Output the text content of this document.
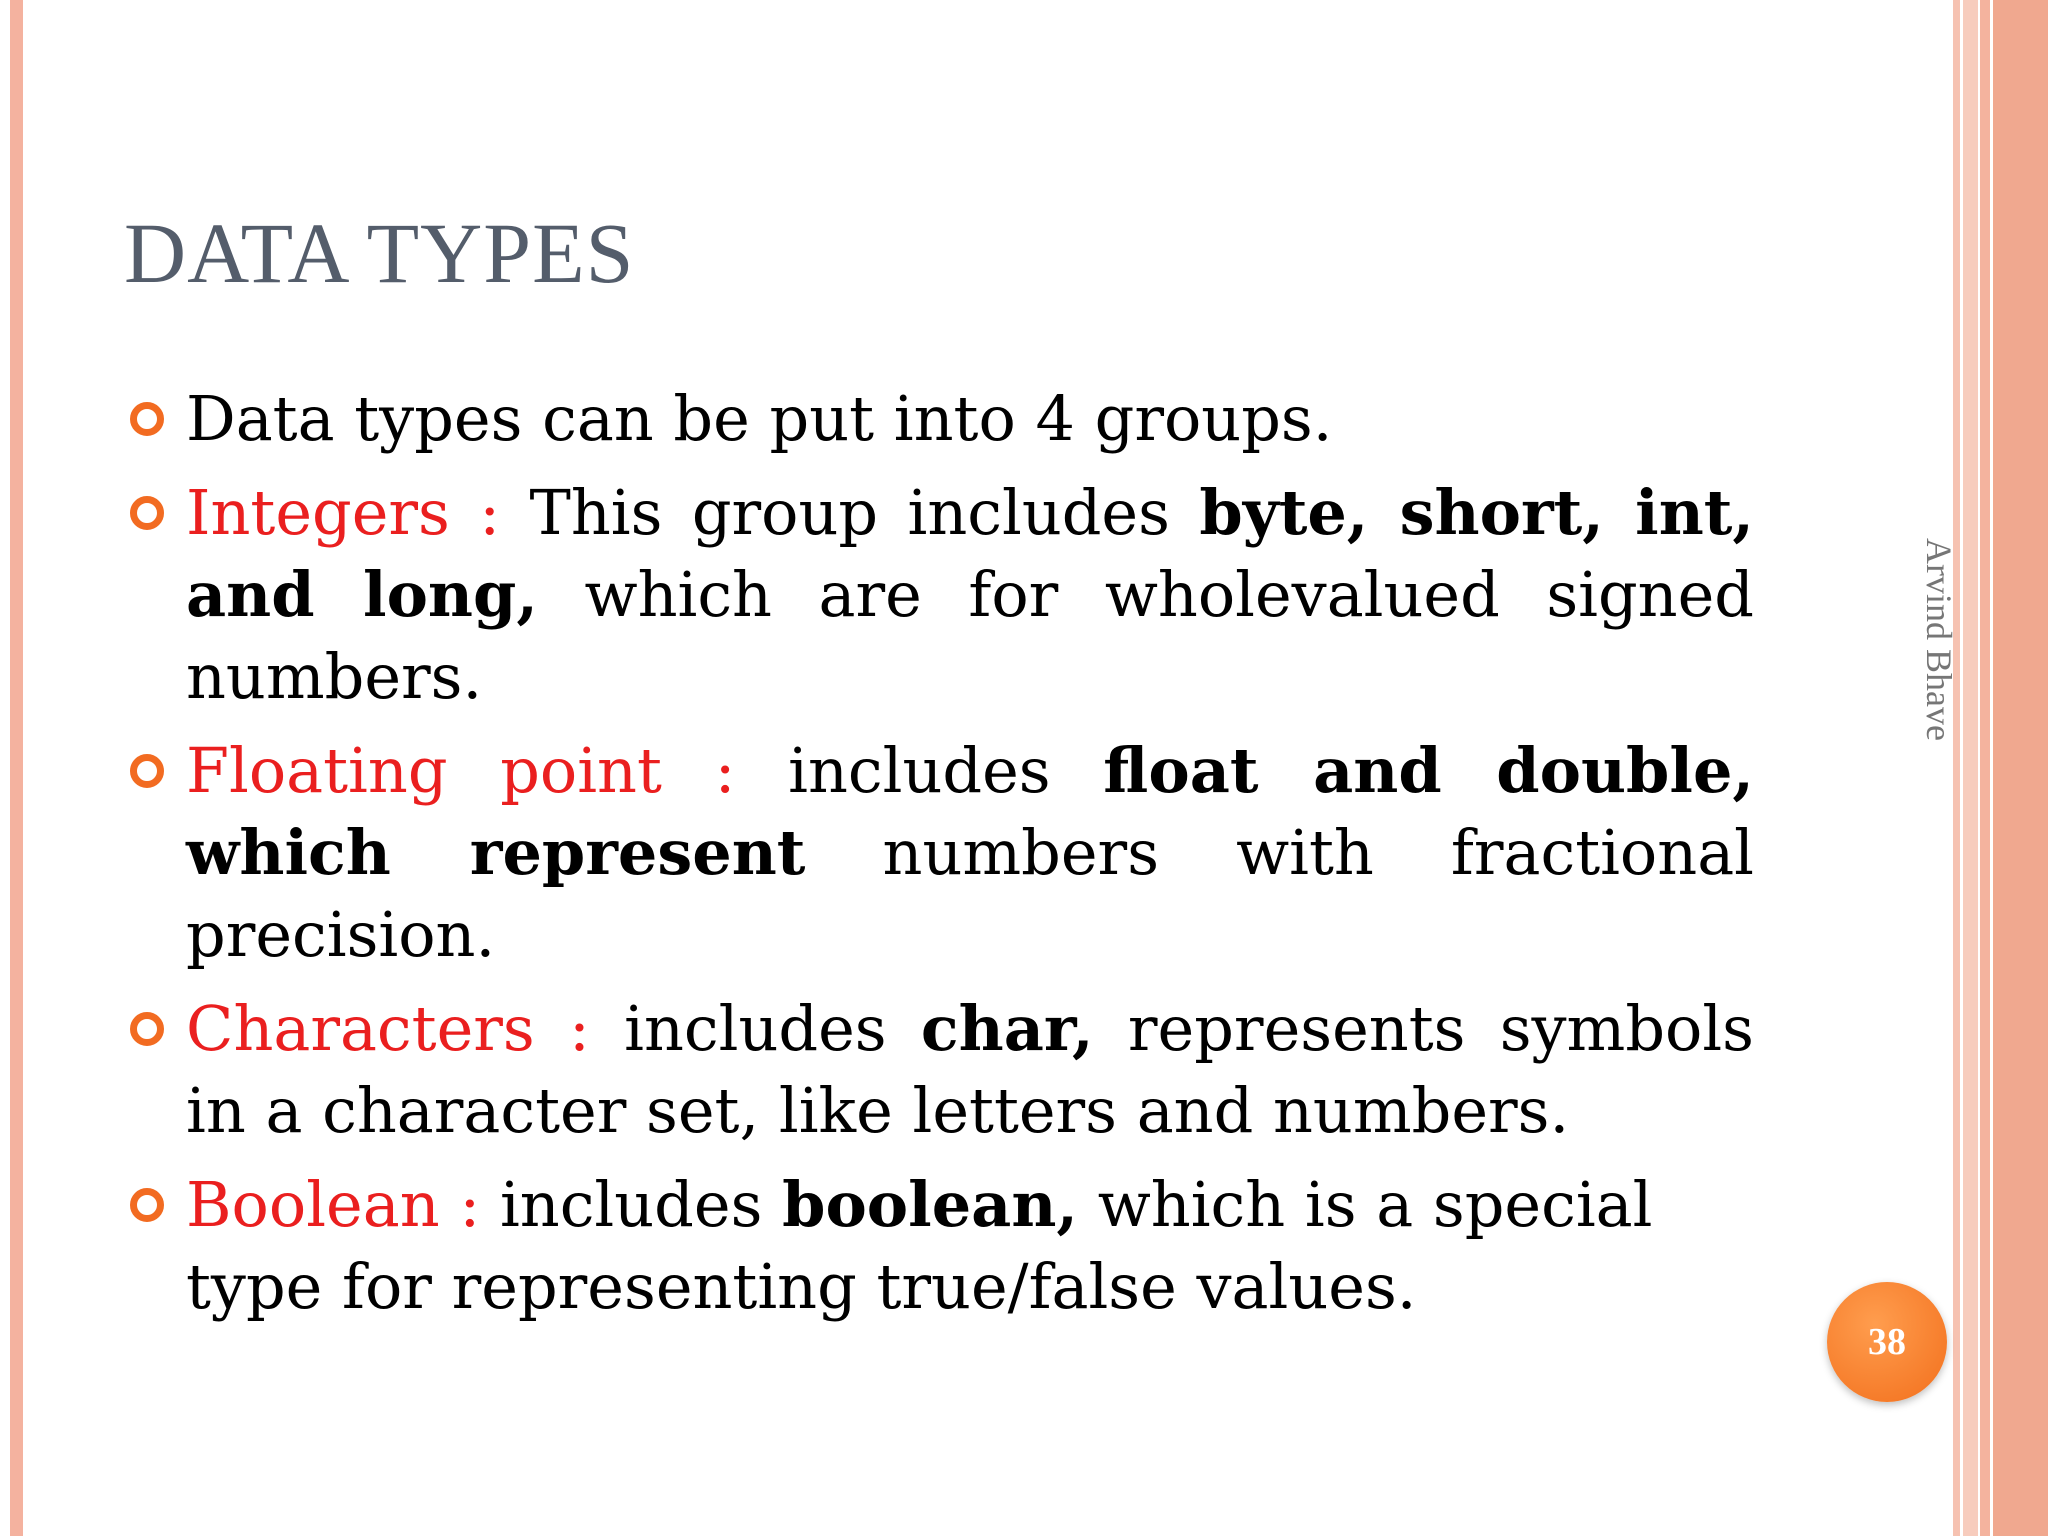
DATA TYPES
Data types can be put into 4 groups.
Integers : This group includes byte, short, int, and long, which are for wholevalued signed numbers.
Floating point : includes float and double, which represent numbers with fractional precision.
Characters : includes char, represents symbols in a character set, like letters and numbers.
Boolean : includes boolean, which is a special type for representing true/false values.
Arvind Bhave
38
